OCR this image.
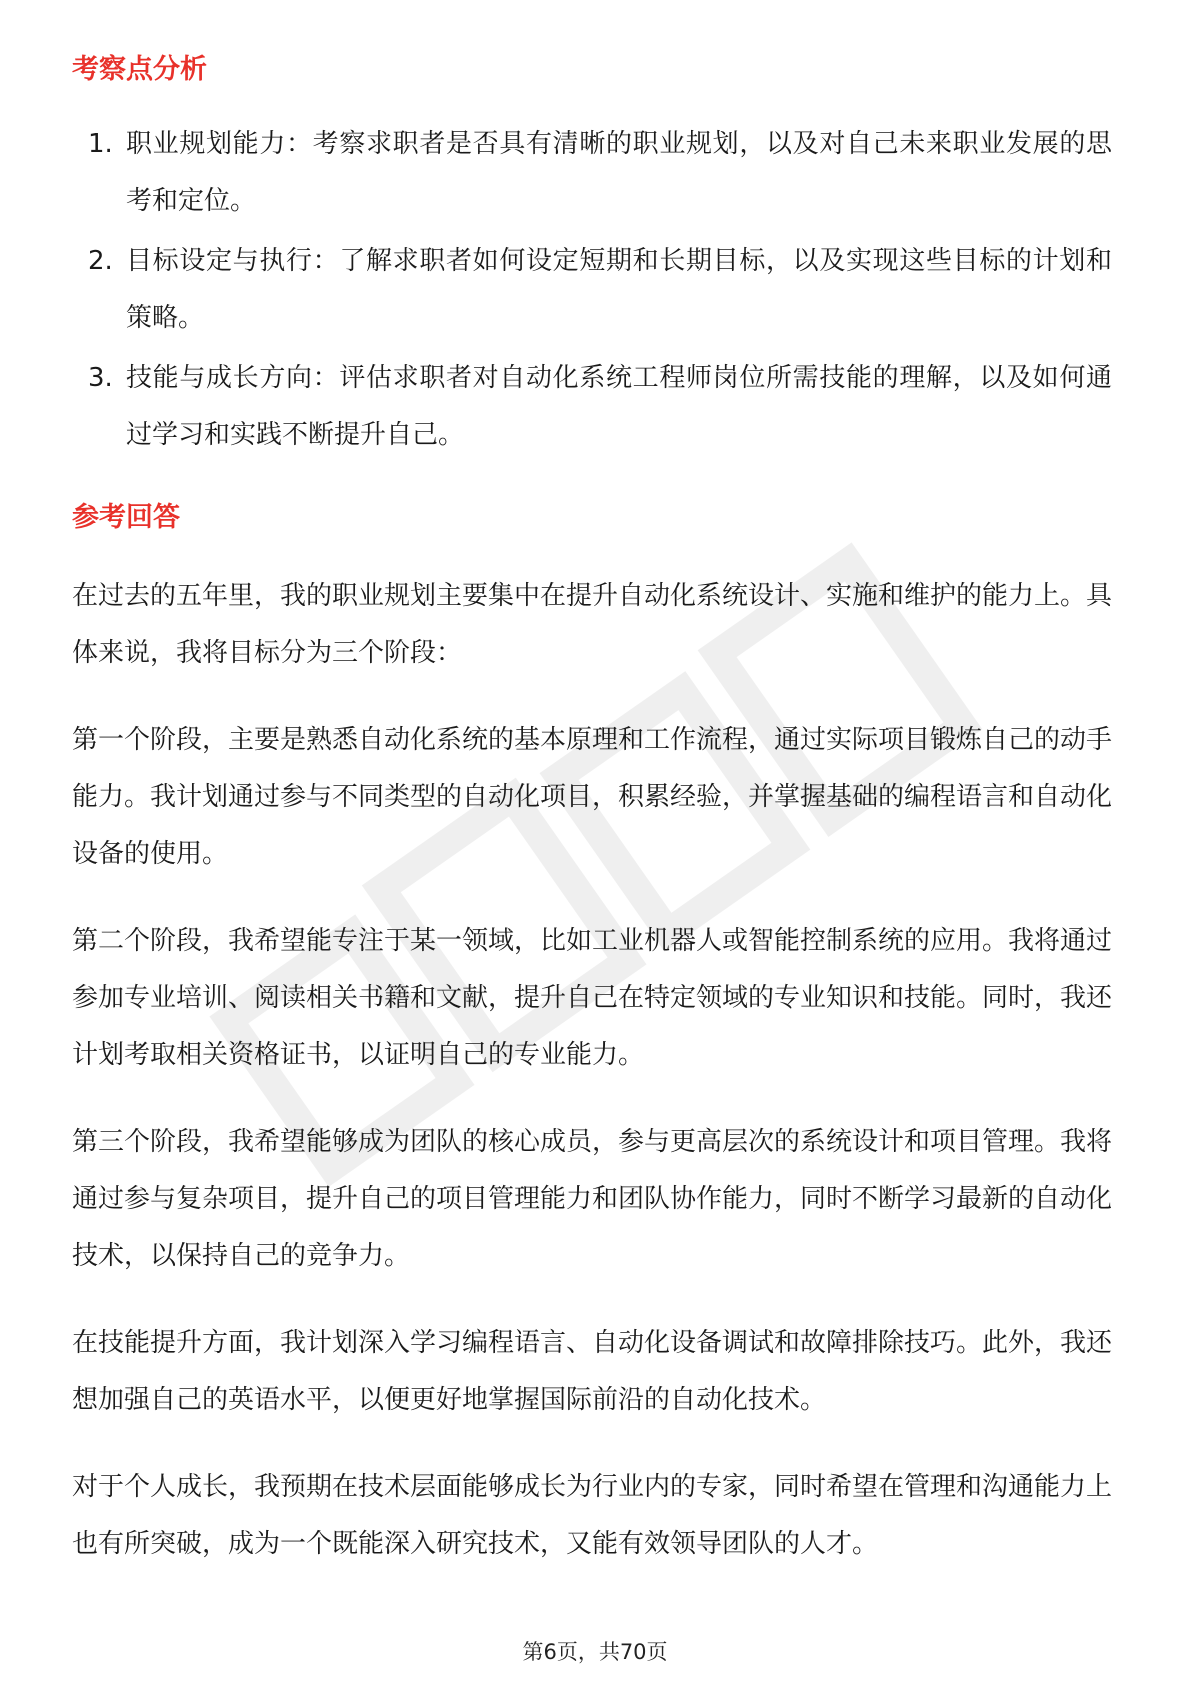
考察点分析
1. 职业规划能力：考察求职者是否具有清晰的职业规划，以及对自己未来职业发展的思考和定位。
2. 目标设定与执行：了解求职者如何设定短期和长期目标，以及实现这些目标的计划和策略。
3. 技能与成长方向：评估求职者对自动化系统工程师岗位所需技能的理解，以及如何通过学习和实践不断提升自己。
参考回答

在过去的五年里，我的职业规划主要集中在提升自动化系统设计、实施和维护的能力上。具体来说，我将目标分为三个阶段：

第一个阶段，主要是熟悉自动化系统的基本原理和工作流程，通过实际项目锻炼自己的动手能力。我计划通过参与不同类型的自动化项目，积累经验，并掌握基础的编程语言和自动化设备的使用。

第二个阶段，我希望能专注于某一领域，比如工业机器人或智能控制系统的应用。我将通过参加专业培训、阅读相关书籍和文献，提升自己在特定领域的专业知识和技能。同时，我还计划考取相关资格证书，以证明自己的专业能力。

第三个阶段，我希望能够成为团队的核心成员，参与更高层次的系统设计和项目管理。我将通过参与复杂项目，提升自己的项目管理能力和团队协作能力，同时不断学习最新的自动化技术，以保持自己的竞争力。

在技能提升方面，我计划深入学习编程语言、自动化设备调试和故障排除技巧。此外，我还想加强自己的英语水平，以便更好地掌握国际前沿的自动化技术。

对于个人成长，我预期在技术层面能够成长为行业内的专家，同时希望在管理和沟通能力上也有所突破，成为一个既能深入研究技术，又能有效领导团队的人才。

第6页，共70页
